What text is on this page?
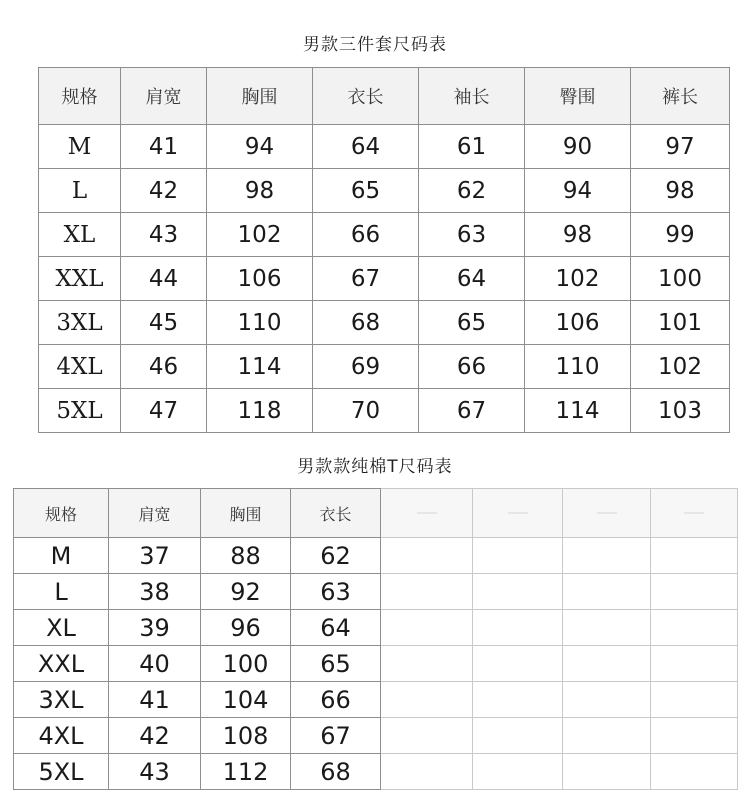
男款三件套尺码表
规格	肩宽	胸围	衣长	袖长	臀围	裤长
M	41	94	64	61	90	97
L	42	98	65	62	94	98
XL	43	102	66	63	98	99
XXL	44	106	67	64	102	100
3XL	45	110	68	65	106	101
4XL	46	114	69	66	110	102
5XL	47	118	70	67	114	103
男款款纯棉T尺码表
规格	肩宽	胸围	衣长	

M	37	88	62				
L	38	92	63				
XL	39	96	64				
XXL	40	100	65				
3XL	41	104	66				
4XL	42	108	67				
5XL	43	112	68				
